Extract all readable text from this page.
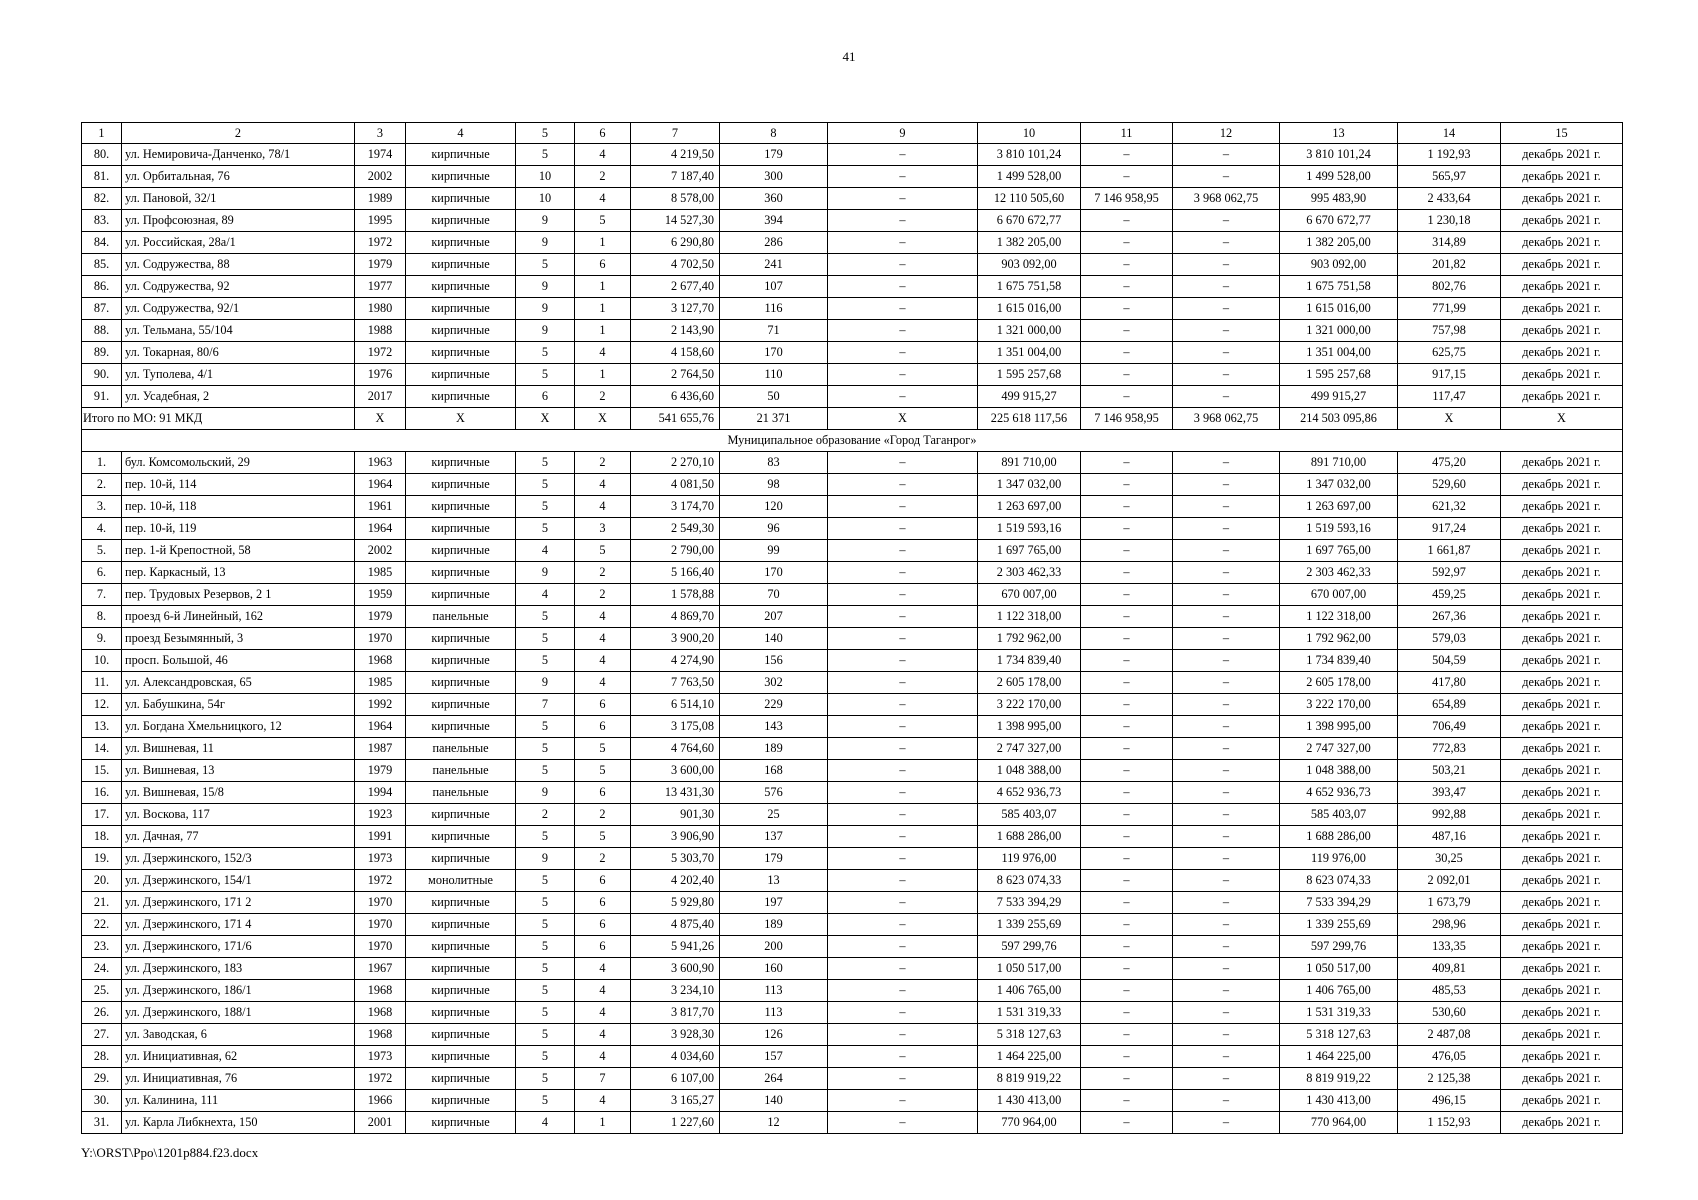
41
1	2	3	4	5	6	7	8	9	10	11	12	13	14	15
80.	ул. Немировича-Данченко, 78/1	1974	кирпичные	5	4	4 219,50	179	–	3 810 101,24	–	–	3 810 101,24	1 192,93	декабрь 2021 г.
81.	ул. Орбитальная, 76	2002	кирпичные	10	2	7 187,40	300	–	1 499 528,00	–	–	1 499 528,00	565,97	декабрь 2021 г.
82.	ул. Пановой, 32/1	1989	кирпичные	10	4	8 578,00	360	–	12 110 505,60	7 146 958,95	3 968 062,75	995 483,90	2 433,64	декабрь 2021 г.
83.	ул. Профсоюзная, 89	1995	кирпичные	9	5	14 527,30	394	–	6 670 672,77	–	–	6 670 672,77	1 230,18	декабрь 2021 г.
84.	ул. Российская, 28а/1	1972	кирпичные	9	1	6 290,80	286	–	1 382 205,00	–	–	1 382 205,00	314,89	декабрь 2021 г.
85.	ул. Содружества, 88	1979	кирпичные	5	6	4 702,50	241	–	903 092,00	–	–	903 092,00	201,82	декабрь 2021 г.
86.	ул. Содружества, 92	1977	кирпичные	9	1	2 677,40	107	–	1 675 751,58	–	–	1 675 751,58	802,76	декабрь 2021 г.
87.	ул. Содружества, 92/1	1980	кирпичные	9	1	3 127,70	116	–	1 615 016,00	–	–	1 615 016,00	771,99	декабрь 2021 г.
88.	ул. Тельмана, 55/104	1988	кирпичные	9	1	2 143,90	71	–	1 321 000,00	–	–	1 321 000,00	757,98	декабрь 2021 г.
89.	ул. Токарная, 80/6	1972	кирпичные	5	4	4 158,60	170	–	1 351 004,00	–	–	1 351 004,00	625,75	декабрь 2021 г.
90.	ул. Туполева, 4/1	1976	кирпичные	5	1	2 764,50	110	–	1 595 257,68	–	–	1 595 257,68	917,15	декабрь 2021 г.
91.	ул. Усадебная, 2	2017	кирпичные	6	2	6 436,60	50	–	499 915,27	–	–	499 915,27	117,47	декабрь 2021 г.
Итого по МО: 91 МКД		Х	Х	Х	Х	541 655,76	21 371	Х	225 618 117,56	7 146 958,95	3 968 062,75	214 503 095,86	Х	Х
Муниципальное образование «Город Таганрог»														
1.	бул. Комсомольский, 29	1963	кирпичные	5	2	2 270,10	83	–	891 710,00	–	–	891 710,00	475,20	декабрь 2021 г.
2.	пер. 10-й, 114	1964	кирпичные	5	4	4 081,50	98	–	1 347 032,00	–	–	1 347 032,00	529,60	декабрь 2021 г.
3.	пер. 10-й, 118	1961	кирпичные	5	4	3 174,70	120	–	1 263 697,00	–	–	1 263 697,00	621,32	декабрь 2021 г.
4.	пер. 10-й, 119	1964	кирпичные	5	3	2 549,30	96	–	1 519 593,16	–	–	1 519 593,16	917,24	декабрь 2021 г.
5.	пер. 1-й Крепостной, 58	2002	кирпичные	4	5	2 790,00	99	–	1 697 765,00	–	–	1 697 765,00	1 661,87	декабрь 2021 г.
6.	пер. Каркасный, 13	1985	кирпичные	9	2	5 166,40	170	–	2 303 462,33	–	–	2 303 462,33	592,97	декабрь 2021 г.
7.	пер. Трудовых Резервов, 2 1	1959	кирпичные	4	2	1 578,88	70	–	670 007,00	–	–	670 007,00	459,25	декабрь 2021 г.
8.	проезд 6-й Линейный, 162	1979	панельные	5	4	4 869,70	207	–	1 122 318,00	–	–	1 122 318,00	267,36	декабрь 2021 г.
9.	проезд Безымянный, 3	1970	кирпичные	5	4	3 900,20	140	–	1 792 962,00	–	–	1 792 962,00	579,03	декабрь 2021 г.
10.	просп. Большой, 46	1968	кирпичные	5	4	4 274,90	156	–	1 734 839,40	–	–	1 734 839,40	504,59	декабрь 2021 г.
11.	ул. Александровская, 65	1985	кирпичные	9	4	7 763,50	302	–	2 605 178,00	–	–	2 605 178,00	417,80	декабрь 2021 г.
12.	ул. Бабушкина, 54г	1992	кирпичные	7	6	6 514,10	229	–	3 222 170,00	–	–	3 222 170,00	654,89	декабрь 2021 г.
13.	ул. Богдана Хмельницкого, 12	1964	кирпичные	5	6	3 175,08	143	–	1 398 995,00	–	–	1 398 995,00	706,49	декабрь 2021 г.
14.	ул. Вишневая, 11	1987	панельные	5	5	4 764,60	189	–	2 747 327,00	–	–	2 747 327,00	772,83	декабрь 2021 г.
15.	ул. Вишневая, 13	1979	панельные	5	5	3 600,00	168	–	1 048 388,00	–	–	1 048 388,00	503,21	декабрь 2021 г.
16.	ул. Вишневая, 15/8	1994	панельные	9	6	13 431,30	576	–	4 652 936,73	–	–	4 652 936,73	393,47	декабрь 2021 г.
17.	ул. Воскова, 117	1923	кирпичные	2	2	901,30	25	–	585 403,07	–	–	585 403,07	992,88	декабрь 2021 г.
18.	ул. Дачная, 77	1991	кирпичные	5	5	3 906,90	137	–	1 688 286,00	–	–	1 688 286,00	487,16	декабрь 2021 г.
19.	ул. Дзержинского, 152/3	1973	кирпичные	9	2	5 303,70	179	–	119 976,00	–	–	119 976,00	30,25	декабрь 2021 г.
20.	ул. Дзержинского, 154/1	1972	монолитные	5	6	4 202,40	13	–	8 623 074,33	–	–	8 623 074,33	2 092,01	декабрь 2021 г.
21.	ул. Дзержинского, 171 2	1970	кирпичные	5	6	5 929,80	197	–	7 533 394,29	–	–	7 533 394,29	1 673,79	декабрь 2021 г.
22.	ул. Дзержинского, 171 4	1970	кирпичные	5	6	4 875,40	189	–	1 339 255,69	–	–	1 339 255,69	298,96	декабрь 2021 г.
23.	ул. Дзержинского, 171/6	1970	кирпичные	5	6	5 941,26	200	–	597 299,76	–	–	597 299,76	133,35	декабрь 2021 г.
24.	ул. Дзержинского, 183	1967	кирпичные	5	4	3 600,90	160	–	1 050 517,00	–	–	1 050 517,00	409,81	декабрь 2021 г.
25.	ул. Дзержинского, 186/1	1968	кирпичные	5	4	3 234,10	113	–	1 406 765,00	–	–	1 406 765,00	485,53	декабрь 2021 г.
26.	ул. Дзержинского, 188/1	1968	кирпичные	5	4	3 817,70	113	–	1 531 319,33	–	–	1 531 319,33	530,60	декабрь 2021 г.
27.	ул. Заводская, 6	1968	кирпичные	5	4	3 928,30	126	–	5 318 127,63	–	–	5 318 127,63	2 487,08	декабрь 2021 г.
28.	ул. Инициативная, 62	1973	кирпичные	5	4	4 034,60	157	–	1 464 225,00	–	–	1 464 225,00	476,05	декабрь 2021 г.
29.	ул. Инициативная, 76	1972	кирпичные	5	7	6 107,00	264	–	8 819 919,22	–	–	8 819 919,22	2 125,38	декабрь 2021 г.
30.	ул. Калинина, 111	1966	кирпичные	5	4	3 165,27	140	–	1 430 413,00	–	–	1 430 413,00	496,15	декабрь 2021 г.
31.	ул. Карла Либкнехта, 150	2001	кирпичные	4	1	1 227,60	12	–	770 964,00	–	–	770 964,00	1 152,93	декабрь 2021 г.
Y:\ORST\Ppo\1201p884.f23.docx
